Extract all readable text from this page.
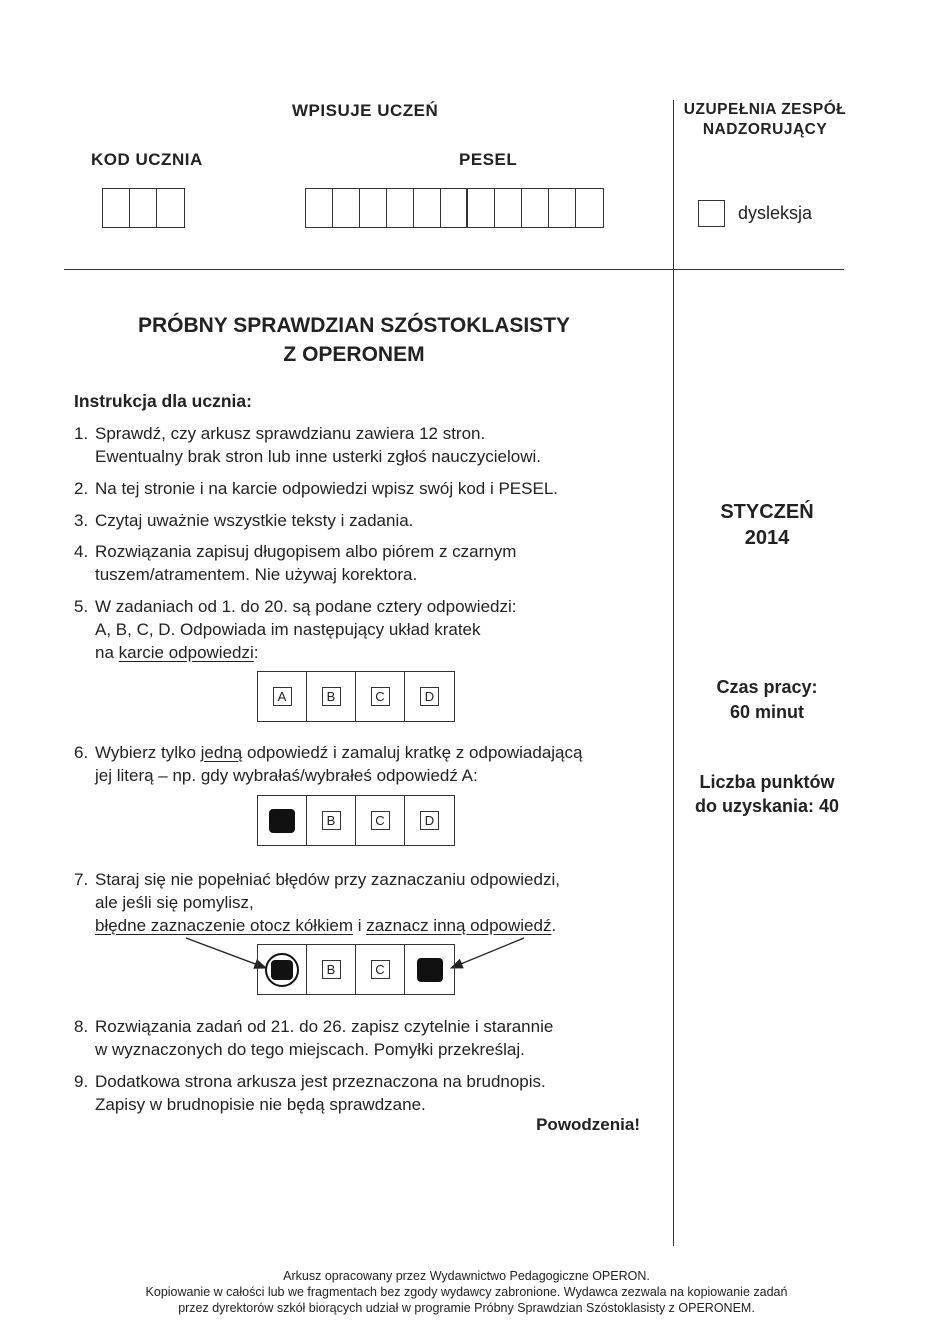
WPISUJE UCZEŃ
KOD UCZNIA	PESEL
UZUPEŁNIA ZESPÓŁ
NADZORUJĄCY
dysleksja
PRÓBNY SPRAWDZIAN SZÓSTOKLASISTY
Z OPERONEM
Instrukcja dla ucznia:
1. Sprawdź, czy arkusz sprawdzianu zawiera 12 stron.
Ewentualny brak stron lub inne usterki zgłoś nauczycielowi.
2. Na tej stronie i na karcie odpowiedzi wpisz swój kod i PESEL.
3. Czytaj uważnie wszystkie teksty i zadania.
4. Rozwiązania zapisuj długopisem albo piórem z czarnym
tuszem/atramentem. Nie używaj korektora.
5. W zadaniach od 1. do 20. są podane cztery odpowiedzi:
A, B, C, D. Odpowiada im następujący układ kratek
na karcie odpowiedzi:
A	B	C	D
6. Wybierz tylko jedną odpowiedź i zamaluj kratkę z odpowiadającą
jej literą – np. gdy wybrałaś/wybrałeś odpowiedź A:
B	C	D
7. Staraj się nie popełniać błędów przy zaznaczaniu odpowiedzi,
ale jeśli się pomylisz,
błędne zaznaczenie otocz kółkiem i zaznacz inną odpowiedź.
B	C
8. Rozwiązania zadań od 21. do 26. zapisz czytelnie i starannie
w wyznaczonych do tego miejscach. Pomyłki przekreślaj.
9. Dodatkowa strona arkusza jest przeznaczona na brudnopis.
Zapisy w brudnopisie nie będą sprawdzane.
Powodzenia!
STYCZEŃ
2014
Czas pracy:
60 minut
Liczba punktów
do uzyskania: 40
Arkusz opracowany przez Wydawnictwo Pedagogiczne OPERON.
Kopiowanie w całości lub we fragmentach bez zgody wydawcy zabronione. Wydawca zezwala na kopiowanie zadań
przez dyrektorów szkół biorących udział w programie Próbny Sprawdzian Szóstoklasisty z OPERONEM.
